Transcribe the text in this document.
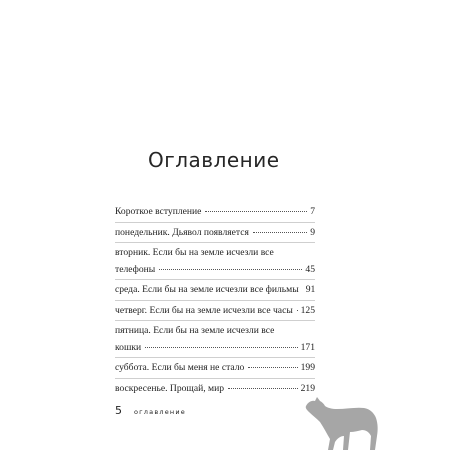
Оглавление
Короткое вступление	7
понедельник. Дьявол появляется	9
вторник. Если бы на земле исчезли все
телефоны	45
среда. Если бы на земле исчезли все фильмы 91
четверг. Если бы на земле исчезли все часы 125
пятница. Если бы на земле исчезли все
кошки	171
суббота. Если бы меня не стало	199
воскресенье. Прощай, мир	219
5 оглавление
